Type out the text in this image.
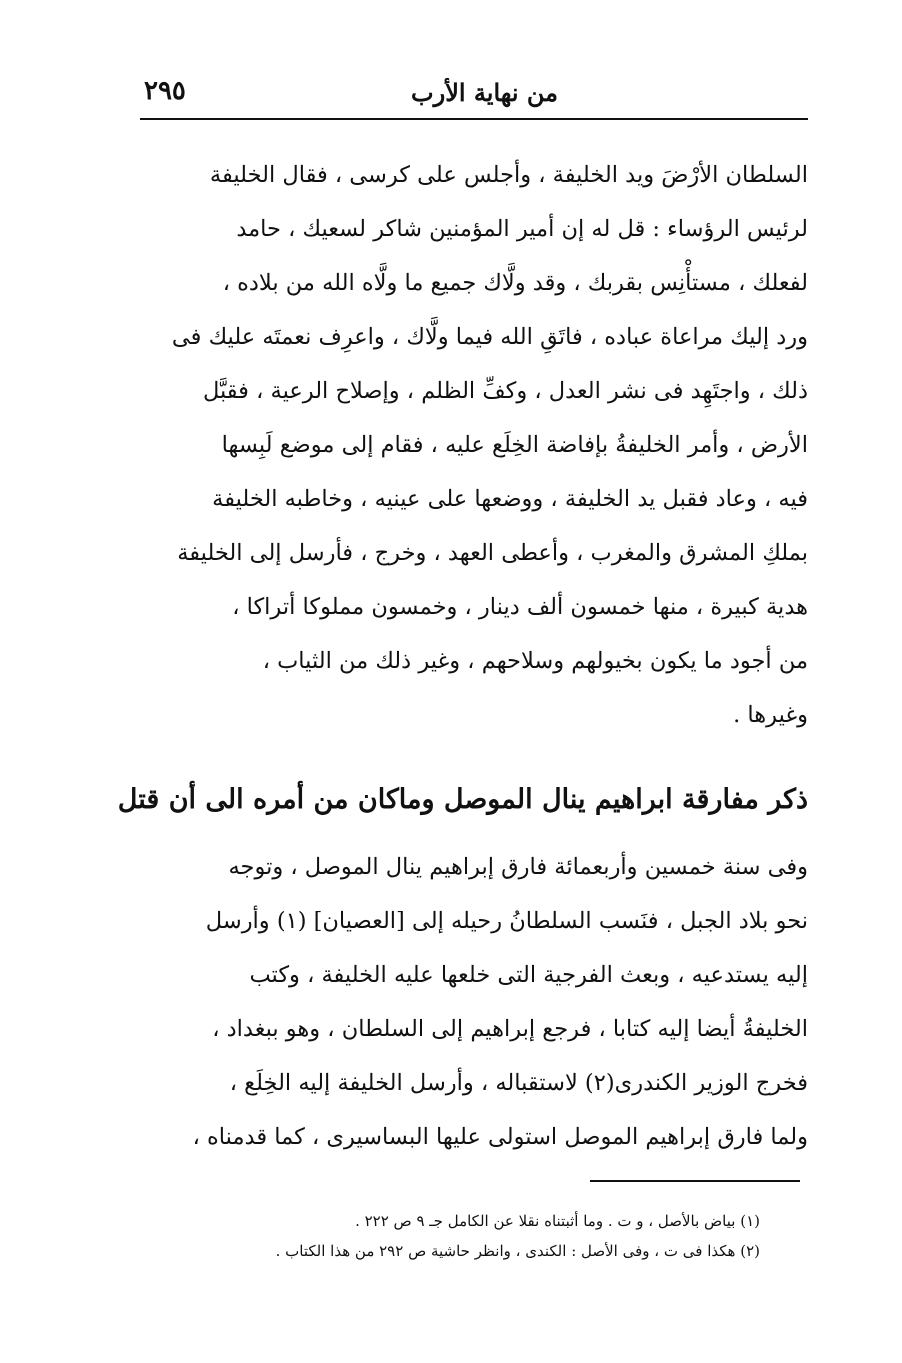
٢٩٥	من نهاية الأرب
السلطان الأرْضَ ويد الخليفة ، وأجلس على كرسى ، فقال الخليفة
لرئيس الرؤساء : قل له إن أمير المؤمنين شاكر لسعيك ، حامد
لفعلك ، مستأْنِس بقربك ، وقد ولَّاك جميع ما ولَّاه الله من بلاده ،
ورد إليك مراعاة عباده ، فاتَقِ الله فيما ولَّاك ، واعرِف نعمتَه عليك فى
ذلك ، واجتَهِد فى نشر العدل ، وكفِّ الظلم ، وإصلاح الرعية ، فقبَّل
الأرض ، وأمر الخليفةُ بإفاضة الخِلَع عليه ، فقام إلى موضع لَبِسها
فيه ، وعاد فقبل يد الخليفة ، ووضعها على عينيه ، وخاطبه الخليفة
بملكِ المشرق والمغرب ، وأعطى العهد ، وخرج ، فأرسل إلى الخليفة
هدية كبيرة ، منها خمسون ألف دينار ، وخمسون مملوكا أتراكا ،
من أجود ما يكون بخيولهم وسلاحهم ، وغير ذلك من الثياب ،
وغيرها .
ذكر مفارقة ابراهيم ينال الموصل وماكان من أمره الى أن قتل
وفى سنة خمسين وأربعمائة فارق إبراهيم ينال الموصل ، وتوجه
نحو بلاد الجبل ، فنَسب السلطانُ رحيله إلى [العصيان] (١) وأرسل
إليه يستدعيه ، وبعث الفرجية التى خلعها عليه الخليفة ، وكتب
الخليفةُ أيضا إليه كتابا ، فرجع إبراهيم إلى السلطان ، وهو ببغداد ،
فخرج الوزير الكندرى(٢) لاستقباله ، وأرسل الخليفة إليه الخِلَع ،
ولما فارق إبراهيم الموصل استولى عليها البساسيرى ، كما قدمناه ،
(١) بياض بالأصل ، و ت . وما أثبتناه نقلا عن الكامل جـ ٩ ص ٢٢٢ .
(٢) هكذا فى ت ، وفى الأصل : الكندى ، وانظر حاشية ص ٢٩٢ من هذا الكتاب .
